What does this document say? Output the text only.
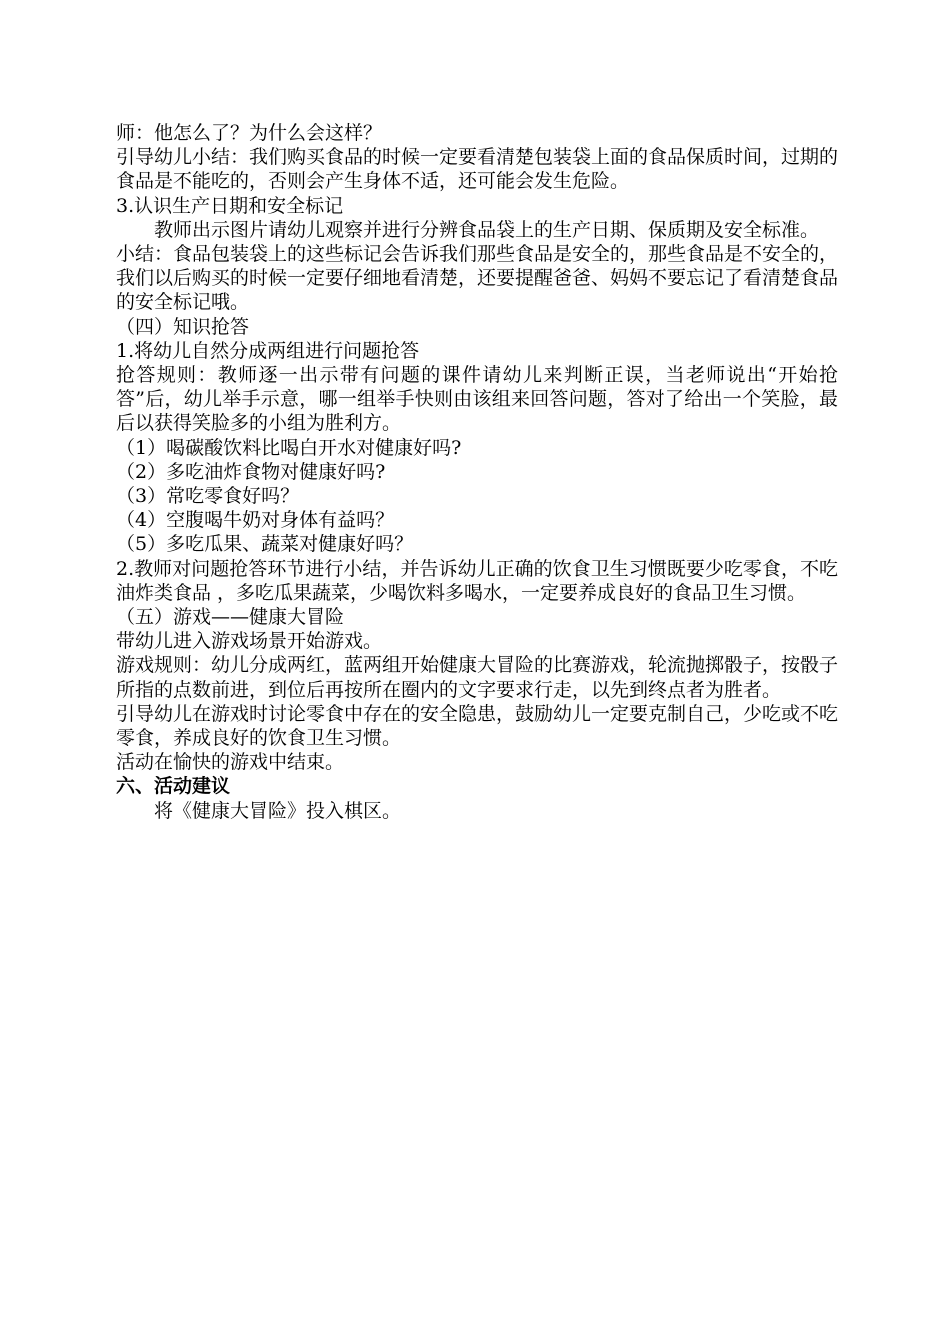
师：他怎么了？为什么会这样？

引导幼儿小结：我们购买食品的时候一定要看清楚包装袋上面的食品保质时间，过期的食品是不能吃的，否则会产生身体不适，还可能会发生危险。

3.认识生产日期和安全标记

教师出示图片请幼儿观察并进行分辨食品袋上的生产日期、保质期及安全标准。

小结：食品包装袋上的这些标记会告诉我们那些食品是安全的，那些食品是不安全的，我们以后购买的时候一定要仔细地看清楚，还要提醒爸爸、妈妈不要忘记了看清楚食品的安全标记哦。

（四）知识抢答

1.将幼儿自然分成两组进行问题抢答

抢答规则：教师逐一出示带有问题的课件请幼儿来判断正误，当老师说出“开始抢答”后，幼儿举手示意，哪一组举手快则由该组来回答问题，答对了给出一个笑脸，最后以获得笑脸多的小组为胜利方。

（1）喝碳酸饮料比喝白开水对健康好吗?

（2）多吃油炸食物对健康好吗?

（3）常吃零食好吗？

（4）空腹喝牛奶对身体有益吗？

（5）多吃瓜果、蔬菜对健康好吗？

2.教师对问题抢答环节进行小结，并告诉幼儿正确的饮食卫生习惯既要少吃零食，不吃油炸类食品 ，多吃瓜果蔬菜，少喝饮料多喝水，一定要养成良好的食品卫生习惯。

（五）游戏——健康大冒险

带幼儿进入游戏场景开始游戏。

游戏规则：幼儿分成两红，蓝两组开始健康大冒险的比赛游戏，轮流抛掷骰子，按骰子所指的点数前进，到位后再按所在圈内的文字要求行走，以先到终点者为胜者。

引导幼儿在游戏时讨论零食中存在的安全隐患，鼓励幼儿一定要克制自己，少吃或不吃零食，养成良好的饮食卫生习惯。

活动在愉快的游戏中结束。

六、活动建议

将《健康大冒险》投入棋区。
